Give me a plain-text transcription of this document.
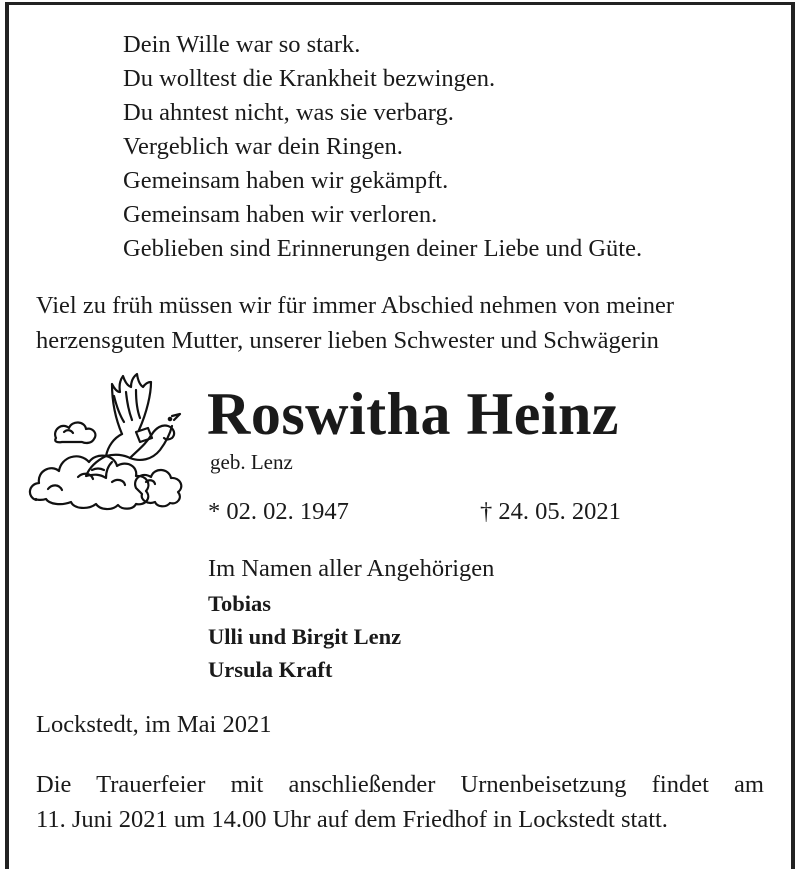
Dein Wille war so stark.
Du wolltest die Krankheit bezwingen.
Du ahntest nicht, was sie verbarg.
Vergeblich war dein Ringen.
Gemeinsam haben wir gekämpft.
Gemeinsam haben wir verloren.
Geblieben sind Erinnerungen deiner Liebe und Güte.
Viel zu früh müssen wir für immer Abschied nehmen von meiner
herzensguten Mutter, unserer lieben Schwester und Schwägerin
Roswitha Heinz
geb. Lenz
* 02. 02. 1947	† 24. 05. 2021
Im Namen aller Angehörigen
Tobias
Ulli und Birgit Lenz
Ursula Kraft
Lockstedt, im Mai 2021
Die Trauerfeier mit anschließender Urnenbeisetzung findet am
11. Juni 2021 um 14.00 Uhr auf dem Friedhof in Lockstedt statt.
